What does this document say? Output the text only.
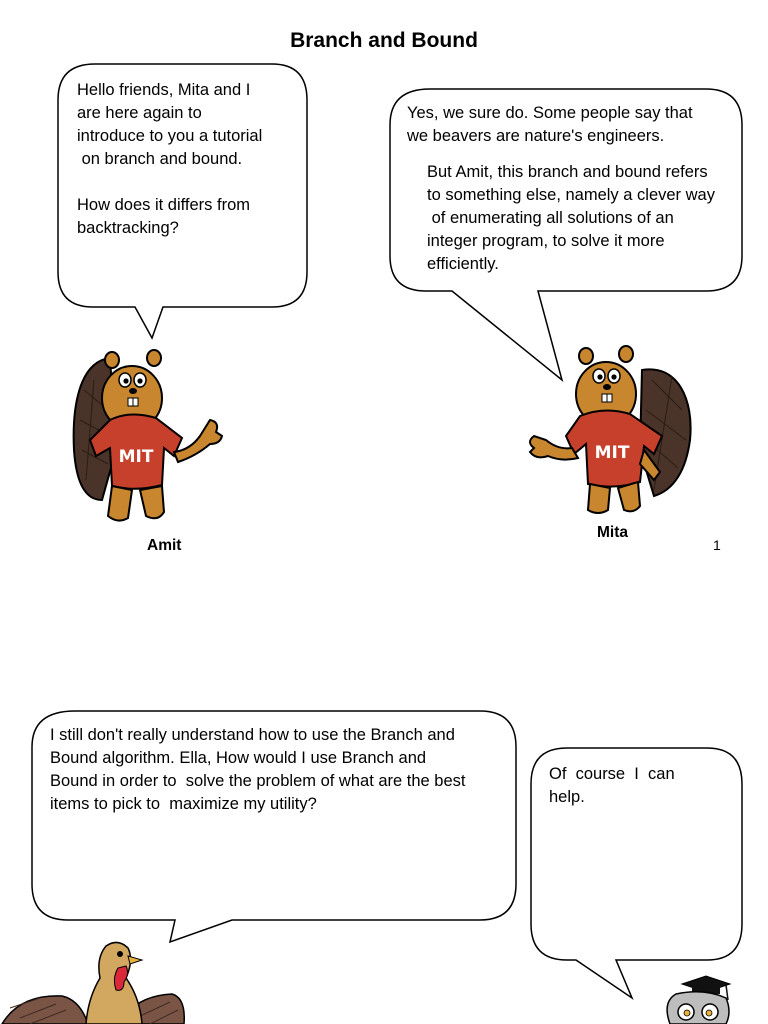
Branch and Bound

Hello friends, Mita and I
are here again to
introduce to you a tutorial
on branch and bound.

How does it differs from
backtracking?

Yes, we sure do. Some people say that
we beavers are nature's engineers.

But Amit, this branch and bound refers
to something else, namely a clever way
of enumerating all solutions of an
integer program, to solve it more
efficiently.

I still don't really understand how to use the Branch and
Bound algorithm. Ella, How would I use Branch and
Bound in order to  solve the problem of what are the best
items to pick to  maximize my utility?

Of  course  I  can
help.

MIT
Amit
MIT
Mita
1
